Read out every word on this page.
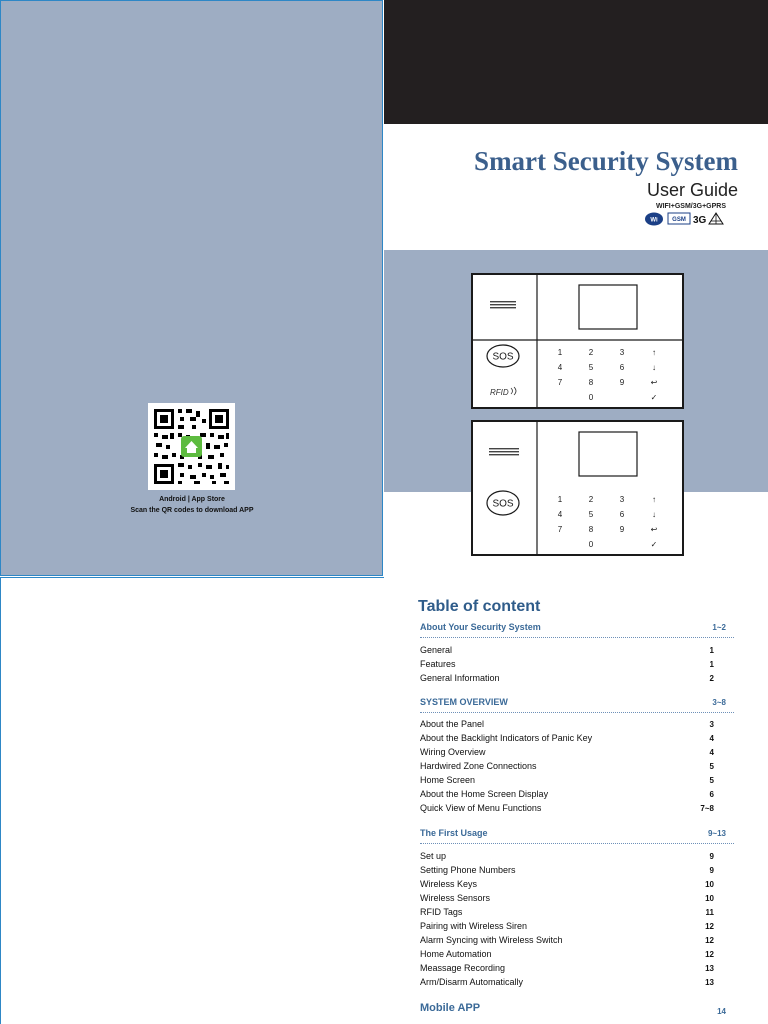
Android | App Store
Scan the QR codes to download APP
Smart Security System
User Guide
WIFI+GSM/3G+GPRS
Wi GSM 3G
SOS
RFID
1	2	3	↑
4	5	6	↓
7	8	9	↩
0	✓
SOS	1	2	3	↑
4	5	6	↓
7	8	9	↩
0	✓
Table of content
About Your Security System	1~2
General	1
Features	1
General Information	2
SYSTEM OVERVIEW	3~8
About the Panel	3
About the Backlight Indicators of Panic Key	4
Wiring Overview	4
Hardwired Zone Connections	5
Home Screen	5
About the Home Screen Display	6
Quick View of Menu Functions	7~8
The First Usage	9~13
Set up	9
Setting Phone Numbers	9
Wireless Keys	10
Wireless Sensors	10
RFID Tags	11
Pairing with Wireless Siren	12
Alarm Syncing with Wireless Switch	12
Home Automation	12
Meassage Recording	13
Arm/Disarm Automatically	13
Mobile APP	14
